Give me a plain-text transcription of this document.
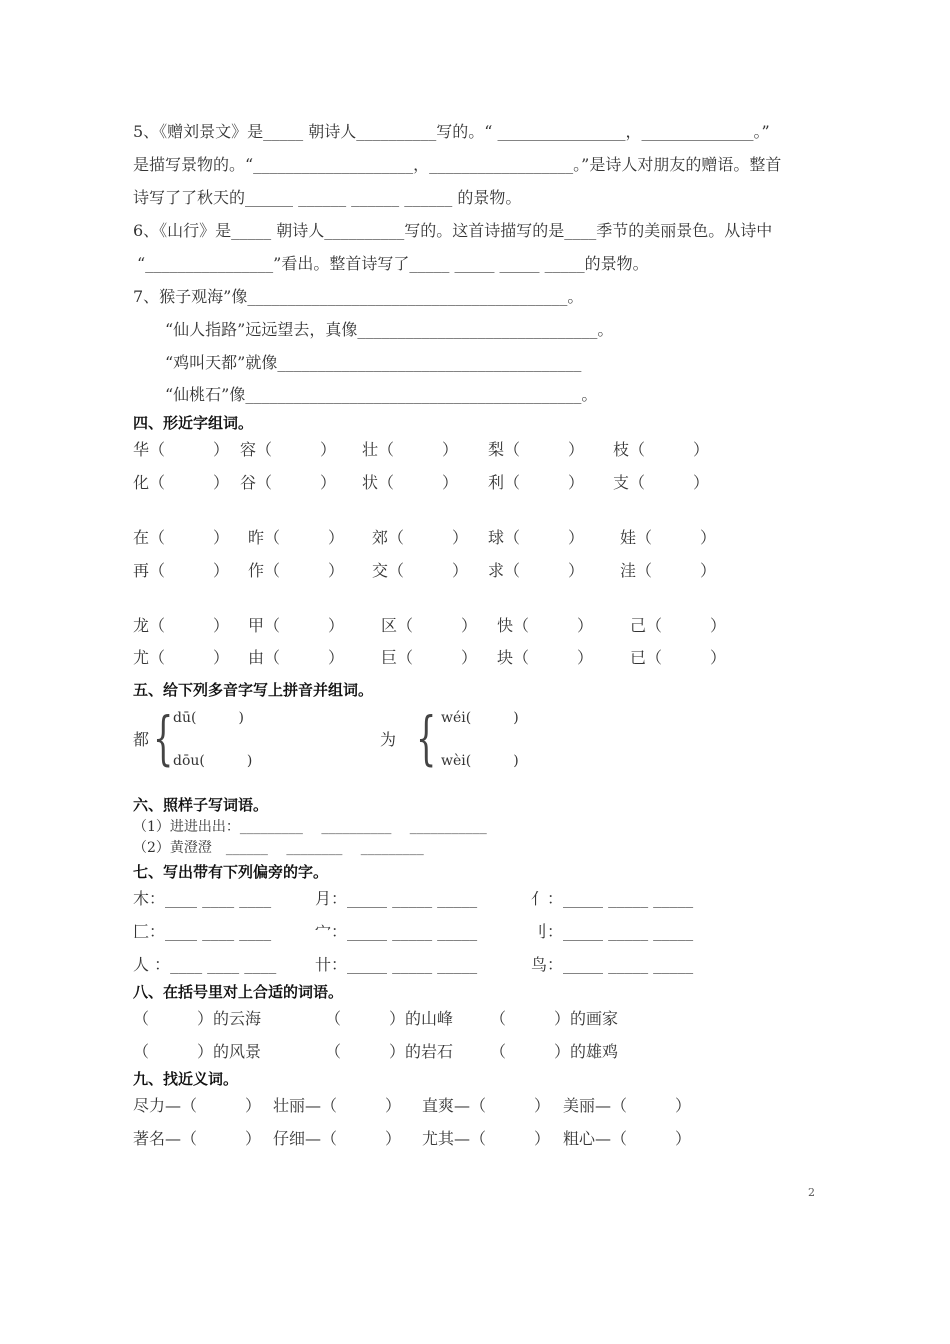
5、《赠刘景文》是_____ 朝诗人__________写的。“ ________________，______________。”
是描写景物的。“____________________，__________________。”是诗人对朋友的赠语。整首
诗写了了秋天的______ ______ ______ ______ 的景物。
6、《山行》是_____ 朝诗人__________写的。这首诗描写的是____季节的美丽景色。从诗中
“________________”看出。整首诗写了_____ _____ _____ _____的景物。
7、猴子观海”像________________________________________。
“仙人指路”远远望去，真像______________________________。
“鸡叫天都”就像______________________________________
“仙桃石”像__________________________________________。
四、形近字组词。
华（　　　） 容（　　　） 壮（　　　） 梨（　　　） 枝（　　　）
化（　　　） 谷（　　　） 状（　　　） 利（　　　） 支（　　　）
在（　　　） 昨（　　　） 郊（　　　） 球（　　　） 娃（　　　）
再（　　　） 作（　　　） 交（　　　） 求（　　　） 洼（　　　）
龙（　　　） 甲（　　　） 区（　　　） 快（　　　） 己（　　　）
尤（　　　） 由（　　　） 巨（　　　） 块（　　　） 已（　　　）
五、给下列多音字写上拼音并组词。
都 { dū(　　　)
dōu(　　　)
为 { wéi(　　　)
wèi(　　　)
六、照样子写词语。
（1）进进出出：_________　 __________　 ___________
（2）黄澄澄　______　 ________　 _________
七、写出带有下列偏旁的字。
木：____ ____ ____	月：_____ _____ _____	亻：_____ _____ _____
匚：____ ____ ____	宀：_____ _____ _____	刂：_____ _____ _____
人 ：____ ____ ____ 卄：_____ _____ _____	鸟：_____ _____ _____
八、在括号里对上合适的词语。
（　　　）的云海	（　　　）的山峰 （　　　）的画家
（　　　）的风景	（　　　）的岩石 （　　　）的雄鸡
九、找近义词。
尽力—（　　　） 壮丽—（　　　） 直爽—（　　　） 美丽—（　　　）
著名—（　　　） 仔细—（　　　） 尤其—（　　　） 粗心—（　　　）
2
